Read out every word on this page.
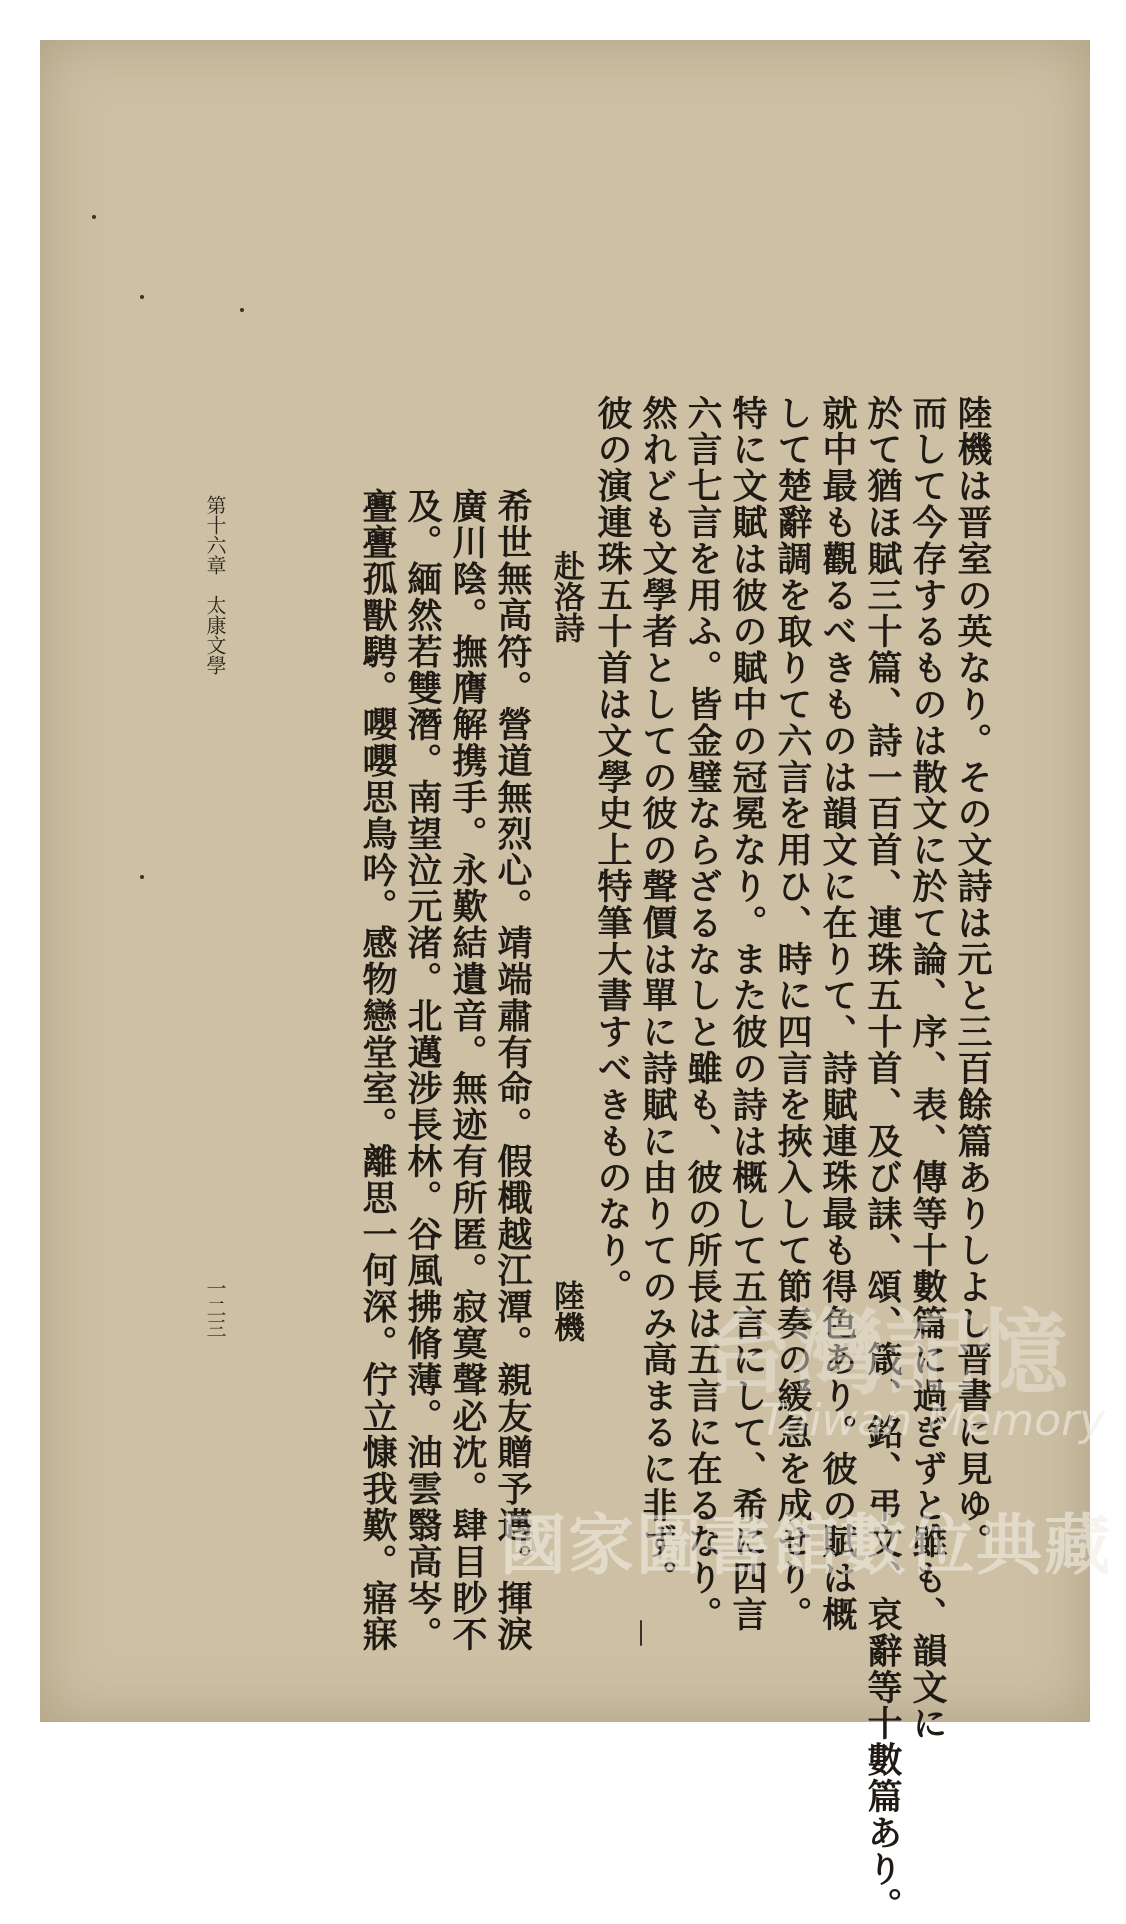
陸機は晋室の英なり。その文詩は元と三百餘篇ありしよし晋書に見ゆ。
而して今存するものは散文に於て論、序、表、傳等十數篇に過ぎずと雖も、韻文に
於て猶ほ賦三十篇、詩一百首、連珠五十首、及び誄、頌、箴、銘、弔文、哀辭等十數篇あり。
就中最も觀るべきものは韻文に在りて、詩賦連珠最も得色あり。彼の賦は概
して楚辭調を取りて六言を用ひ、時に四言を挾入して節奏の緩急を成せり。
特に文賦は彼の賦中の冠冕なり。また彼の詩は概して五言にして、希に四言
六言七言を用ふ。皆金璧ならざるなしと雖も、彼の所長は五言に在るなり。
然れども文學者としての彼の聲價は單に詩賦に由りてのみ高まるに非ず。
彼の演連珠五十首は文學史上特筆大書すべきものなり。
赴洛詩
陸機
希世無高符。營道無烈心。靖端肅有命。假檝越江潭。親友贈予邁。揮淚
廣川陰。撫膺解携手。永歎結遺音。無迹有所匿。寂寞聲必沈。肆目眇不
及。緬然若雙潛。南望泣元渚。北邁涉長林。谷風拂脩薄。油雲翳高岑。
亹亹孤獸騁。嚶嚶思鳥吟。感物戀堂室。離思一何深。佇立慷我歎。寤寐
第十六章　太康文學
一二三	台灣記憶
Taiwan Memory
國家圖書館數位典藏
